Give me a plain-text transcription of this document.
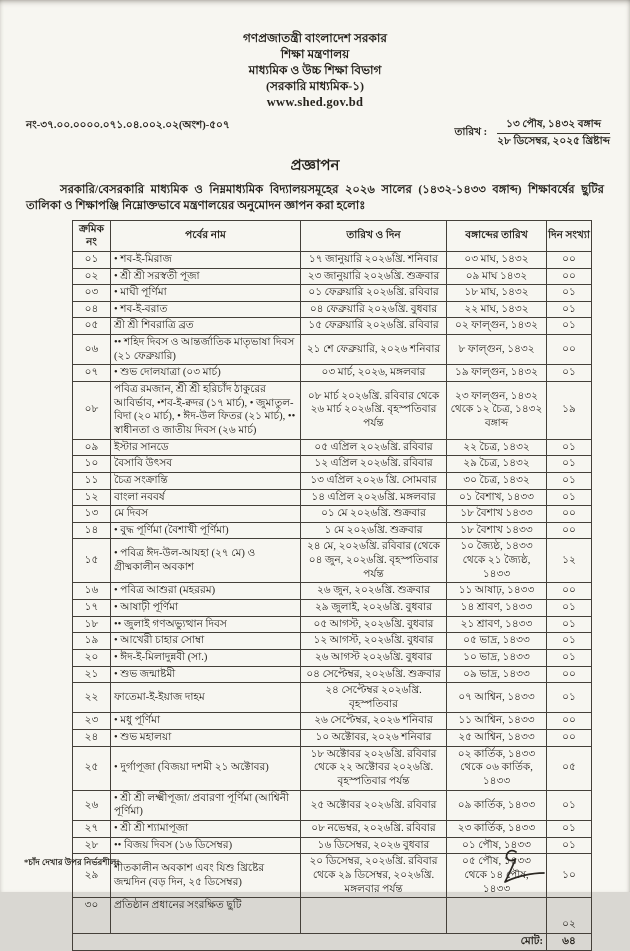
গণপ্রজাতন্ত্রী বাংলাদেশ সরকার
শিক্ষা মন্ত্রণালয়
মাধ্যমিক ও উচ্চ শিক্ষা বিভাগ
(সরকারি মাধ্যমিক-১)
www.shed.gov.bd
নং-৩৭.০০.০০০০.০৭১.০৪.০০২.০২(অংশ)-৫০৭
তারিখ :
১৩ পৌষ, ১৪৩২ বঙ্গাব্দ
২৮ ডিসেম্বর, ২০২৫ খ্রিষ্টাব্দ
প্রজ্ঞাপন

সরকারি/বেসরকারি মাধ্যমিক ও নিম্নমাধ্যমিক বিদ্যালয়সমূহের ২০২৬ সালের (১৪৩২-১৪৩৩ বঙ্গাব্দ) শিক্ষাবর্ষের ছুটির তালিকা ও শিক্ষাপঞ্জি নিম্নোক্তভাবে মন্ত্রণালয়ের অনুমোদন জ্ঞাপন করা হলোঃ

ক্রমিক নং	পর্বের নাম	তারিখ ও দিন	বঙ্গাব্দের তারিখ	দিন সংখ্যা
০১	• শব-ই-মিরাজ	১৭ জানুয়ারি ২০২৬খ্রি. শনিবার	০৩ মাঘ, ১৪৩২	০০
০২	• শ্রী শ্রী সরস্বতী পূজা	২৩ জানুয়ারি ২০২৬খ্রি. শুক্রবার	০৯ মাঘ ১৪৩২	০০
০৩	• মাঘী পূর্ণিমা	০১ ফেব্রুয়ারি ২০২৬খ্রি. রবিবার	১৮ মাঘ, ১৪৩২	০১
০৪	• শব-ই-বরাত	০৪ ফেব্রুয়ারি ২০২৬খ্রি. বুধবার	২২ মাঘ, ১৪৩২	০১
০৫	শ্রী শ্রী শিবরাত্রি ব্রত	১৫ ফেব্রুয়ারি ২০২৬খ্রি. রবিবার	০২ ফাল্গুন, ১৪৩২	০১
০৬	•• শহিদ দিবস ও আন্তর্জাতিক মাতৃভাষা দিবস (২১ ফেব্রুয়ারি)	২১ শে ফেব্রুয়ারি, ২০২৬ শনিবার	৮ ফাল্গুন, ১৪৩২	০০
০৭	• শুভ দোলযাত্রা (০৩ মার্চ)	০৩ মার্চ, ২০২৬, মঙ্গলবার	১৯ ফাল্গুন, ১৪৩২	০১
০৮	পবিত্র রমজান, শ্রী শ্রী হরিচাঁদ ঠাকুরের আবির্ভাব, •শব-ই-ক্বদর (১৭ মার্চ), • জুমাতুল-বিদা (২০ মার্চ), • ঈদ-উল ফিতর (২১ মার্চ), •• স্বাধীনতা ও জাতীয় দিবস (২৬ মার্চ)	০৮ মার্চ ২০২৬খ্রি. রবিবার থেকে ২৬ মার্চ ২০২৬খ্রি. বৃহস্পতিবার পর্যন্ত	২৩ ফাল্গুন, ১৪৩২ থেকে ১২ চৈত্র, ১৪৩২ বঙ্গাব্দ	১৯
০৯	ইস্টার সানডে	০৫ এপ্রিল ২০২৬খ্রি. রবিবার	২২ চৈত্র, ১৪৩২	০১
১০	বৈসাবি উৎসব	১২ এপ্রিল ২০২৬খ্রি. রবিবার	২৯ চৈত্র, ১৪৩২	০১
১১	চৈত্র সংক্রান্তি	১৩ এপ্রিল ২০২৬ খ্রি. সোমবার	৩০ চৈত্র, ১৪৩২	০১
১২	বাংলা নববর্ষ	১৪ এপ্রিল ২০২৬খ্রি. মঙ্গলবার	০১ বৈশাখ, ১৪৩৩	০১
১৩	মে দিবস	০১ মে ২০২৬খ্রি. শুক্রবার	১৮ বৈশাখ ১৪৩৩	০০
১৪	• বুদ্ধ পূর্ণিমা (বৈশাখী পূর্ণিমা)	১ মে ২০২৬খ্রি. শুক্রবার	১৮ বৈশাখ ১৪৩৩	০০
১৫	• পবিত্র ঈদ-উল-আযহা (২৭ মে) ও গ্রীষ্মকালীন অবকাশ	২৪ মে, ২০২৬খ্রি. রবিবার (থেকে ০৪ জুন, ২০২৬খ্রি. বৃহস্পতিবার পর্যন্ত	১০ জ্যৈষ্ঠ, ১৪৩৩ থেকে ২১ জ্যৈষ্ঠ, ১৪৩৩	১২
১৬	• পবিত্র আশুরা (মহররম)	২৬ জুন, ২০২৬খ্রি. শুক্রবার	১১ আষাঢ়, ১৪৩৩	০০
১৭	• আষাঢ়ী পূর্ণিমা	২৯ জুলাই, ২০২৬খ্রি. বুধবার	১৪ শ্রাবণ, ১৪৩৩	০১
১৮	•• জুলাই গণঅভ্যুত্থান দিবস	০৫ আগস্ট, ২০২৬খ্রি. বুধবার	২১ শ্রাবণ, ১৪৩৩	০১
১৯	• আখেরী চাহার সোম্বা	১২ আগস্ট, ২০২৬খ্রি. বুধবার	০৫ ভাদ্র, ১৪৩৩	০১
২০	• ঈদ-ই-মিলাদুন্নবী (সা.)	২৬ আগস্ট ২০২৬খ্রি. বুধবার	১০ ভাদ্র, ১৪৩৩	০১
২১	• শুভ জন্মাষ্টমী	০৪ সেপ্টেম্বর, ২০২৬খ্রি. শুক্রবার	০৯ ভাদ্র, ১৪৩৩	০০
২২	ফাতেমা-ই-ইয়াজ দাহম	২৪ সেপ্টেম্বর ২০২৬খ্রি. বৃহস্পতিবার	০৭ আশ্বিন, ১৪৩৩	০১
২৩	• মধু পূর্ণিমা	২৬ সেপ্টেম্বর, ২০২৬ শনিবার	১১ আশ্বিন, ১৪৩৩	০০
২৪	• শুভ মহালয়া	১০ অক্টোবর, ২০২৬ শনিবার	২৫ আশ্বিন, ১৪৩৩	০০
২৫	• দুর্গাপূজা (বিজয়া দশমী ২১ অক্টোবর)	১৮ অক্টোবর ২০২৬খ্রি. রবিবার থেকে ২২ অক্টোবর ২০২৬খ্রি. বৃহস্পতিবার পর্যন্ত	০২ কার্তিক, ১৪৩৩ থেকে ০৬ কার্তিক, ১৪৩৩	০৫
২৬	• শ্রী শ্রী লক্ষ্মীপূজা/ প্রবারণা পূর্ণিমা (আশ্বিনী পূর্ণিমা)	২৫ অক্টোবর ২০২৬খ্রি. রবিবার	০৯ কার্তিক, ১৪৩৩	০১
২৭	• শ্রী শ্রী শ্যামাপূজা	০৮ নভেম্বর, ২০২৬খ্রি. রবিবার	২৩ কার্তিক, ১৪৩৩	০১
২৮	•• বিজয় দিবস (১৬ ডিসেম্বর)	১৬ ডিসেম্বর, ২০২৬ বুধবার	০১ পৌষ, ১৪৩৩	০১
২৯	শীতকালীন অবকাশ এবং যিশু খ্রিষ্টের জন্মদিন (বড় দিন, ২৫ ডিসেম্বর)	২০ ডিসেম্বর, ২০২৬খ্রি. রবিবার থেকে ২৯ ডিসেম্বর, ২০২৬খ্রি. মঙ্গলবার পর্যন্ত	০৫ পৌষ, ১৪৩৩ থেকে ১৪ পৌষ, ১৪৩৩	১০
৩০	প্রতিষ্ঠান প্রধানের সংরক্ষিত ছুটি			০২
মোট:				৬৪
*চাঁদ দেখার উপর নির্ভরশীল।
